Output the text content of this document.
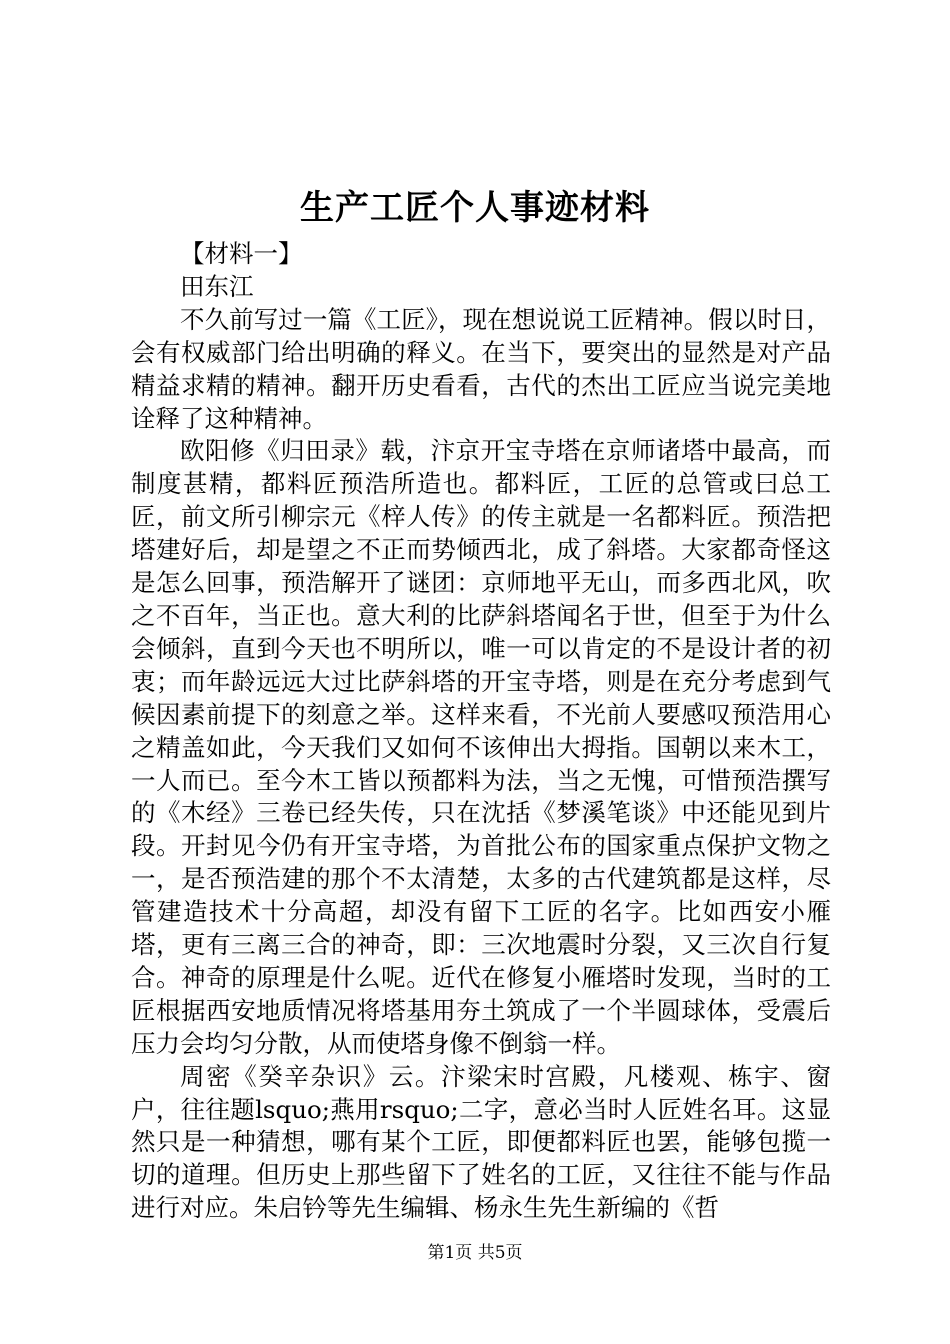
生产工匠个人事迹材料

【材料一】

田东江

不久前写过一篇《工匠》，现在想说说工匠精神。假以时日，会有权威部门给出明确的释义。在当下，要突出的显然是对产品精益求精的精神。翻开历史看看，古代的杰出工匠应当说完美地诠释了这种精神。

欧阳修《归田录》载，汴京开宝寺塔在京师诸塔中最高，而制度甚精，都料匠预浩所造也。都料匠，工匠的总管或曰总工匠，前文所引柳宗元《梓人传》的传主就是一名都料匠。预浩把塔建好后，却是望之不正而势倾西北，成了斜塔。大家都奇怪这是怎么回事，预浩解开了谜团：京师地平无山，而多西北风，吹之不百年，当正也。意大利的比萨斜塔闻名于世，但至于为什么会倾斜，直到今天也不明所以，唯一可以肯定的不是设计者的初衷；而年龄远远大过比萨斜塔的开宝寺塔，则是在充分考虑到气候因素前提下的刻意之举。这样来看，不光前人要感叹预浩用心之精盖如此，今天我们又如何不该伸出大拇指。国朝以来木工，一人而已。至今木工皆以预都料为法，当之无愧，可惜预浩撰写的《木经》三卷已经失传，只在沈括《梦溪笔谈》中还能见到片段。开封见今仍有开宝寺塔，为首批公布的国家重点保护文物之一，是否预浩建的那个不太清楚，太多的古代建筑都是这样，尽管建造技术十分高超，却没有留下工匠的名字。比如西安小雁塔，更有三离三合的神奇，即：三次地震时分裂，又三次自行复合。神奇的原理是什么呢。近代在修复小雁塔时发现，当时的工匠根据西安地质情况将塔基用夯土筑成了一个半圆球体，受震后压力会均匀分散，从而使塔身像不倒翁一样。

周密《癸辛杂识》云。汴梁宋时宫殿，凡楼观、栋宇、窗户，往往题lsquo;燕用rsquo;二字，意必当时人匠姓名耳。这显然只是一种猜想，哪有某个工匠，即便都料匠也罢，能够包揽一切的道理。但历史上那些留下了姓名的工匠，又往往不能与作品进行对应。朱启钤等先生编辑、杨永生先生新编的《哲

第1页 共5页
